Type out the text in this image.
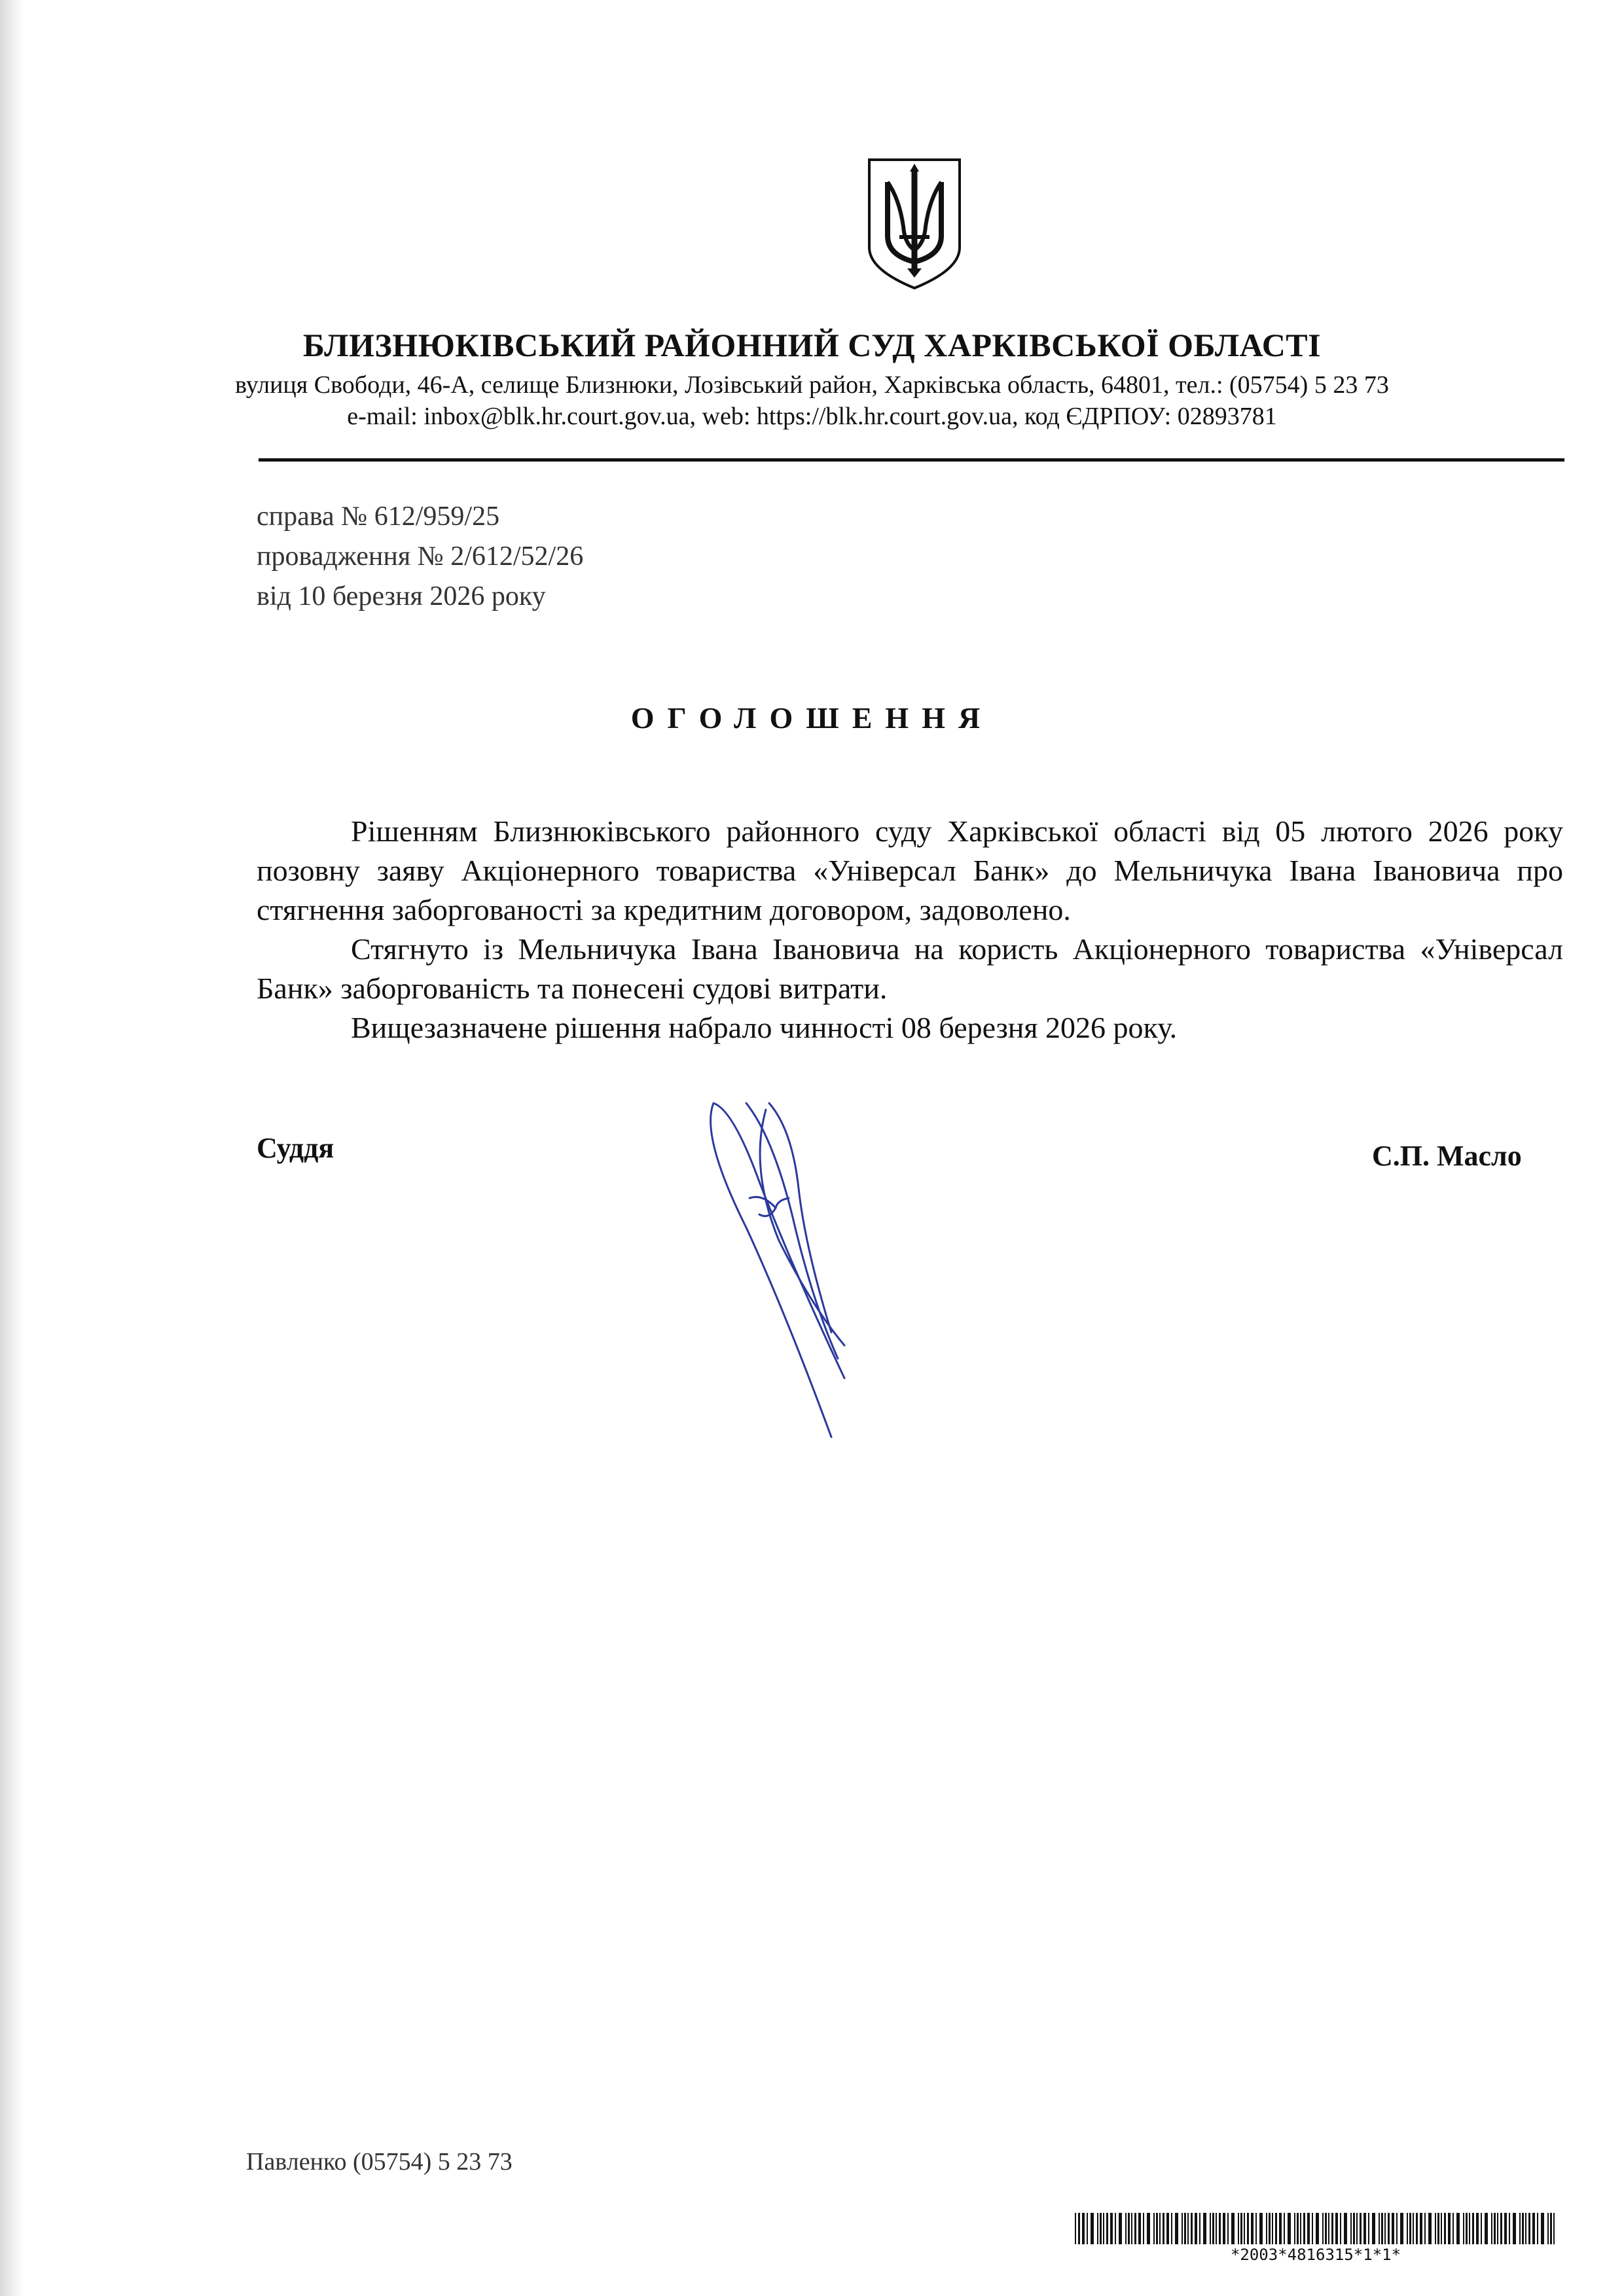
БЛИЗНЮКІВСЬКИЙ РАЙОННИЙ СУД ХАРКІВСЬКОЇ ОБЛАСТІ
вулиця Свободи, 46-А, селище Близнюки, Лозівський район, Харківська область, 64801, тел.: (05754) 5 23 73
e-mail: inbox@blk.hr.court.gov.ua, web: https://blk.hr.court.gov.ua, код ЄДРПОУ: 02893781
справа № 612/959/25
провадження № 2/612/52/26
від 10 березня 2026 року
ОГОЛОШЕННЯ

Рішенням Близнюківського районного суду Харківської області від 05 лютого 2026 року позовну заяву Акціонерного товариства «Універсал Банк» до Мельничука Івана Івановича про стягнення заборгованості за кредитним договором, задоволено.

Стягнуто із Мельничука Івана Івановича на користь Акціонерного товариства «Універсал Банк» заборгованість та понесені судові витрати.

Вищезазначене рішення набрало чинності 08 березня 2026 року.

Суддя	С.П. Масло
Павленко (05754) 5 23 73
*2003*4816315*1*1*
